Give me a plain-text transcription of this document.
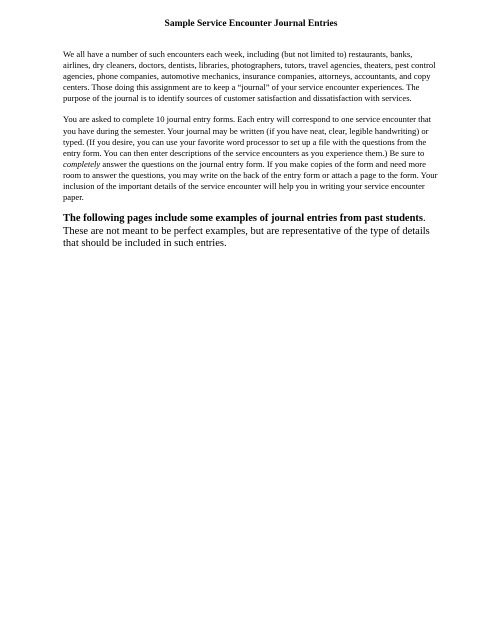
Sample Service Encounter Journal Entries

We all have a number of such encounters each week, including (but not limited to) restaurants, banks, airlines, dry cleaners, doctors, dentists, libraries, photographers, tutors, travel agencies, theaters, pest control agencies, phone companies, automotive mechanics, insurance companies, attorneys, accountants, and copy centers. Those doing this assignment are to keep a “journal” of your service encounter experiences. The purpose of the journal is to identify sources of customer satisfaction and dissatisfaction with services.

You are asked to complete 10 journal entry forms. Each entry will correspond to one service encounter that you have during the semester. Your journal may be written (if you have neat, clear, legible handwriting) or typed. (If you desire, you can use your favorite word processor to set up a file with the questions from the entry form. You can then enter descriptions of the service encounters as you experience them.) Be sure to completely answer the questions on the journal entry form. If you make copies of the form and need more room to answer the questions, you may write on the back of the entry form or attach a page to the form. Your inclusion of the important details of the service encounter will help you in writing your service encounter paper.

The following pages include some examples of journal entries from past students. These are not meant to be perfect examples, but are representative of the type of details that should be included in such entries.
